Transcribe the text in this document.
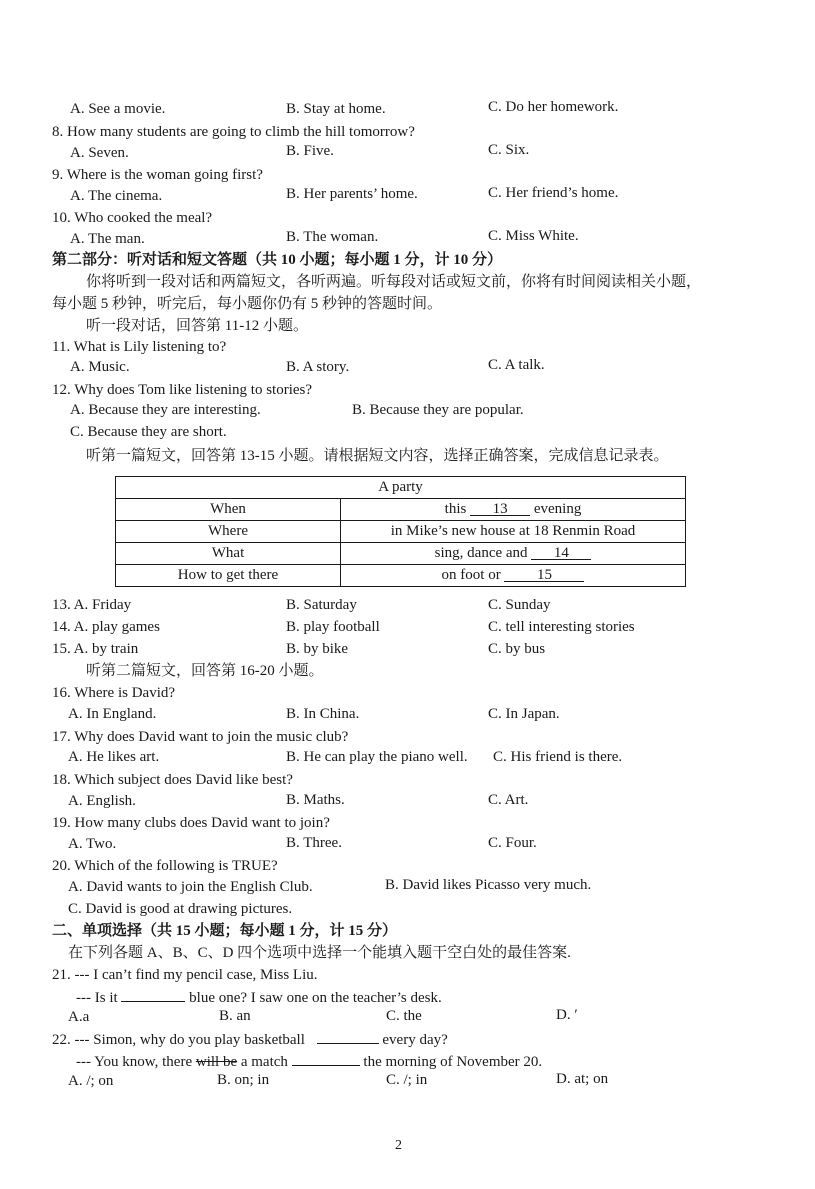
A. See a movie.	B. Stay at home.	C. Do her homework.
8. How many students are going to climb the hill tomorrow?
A. Seven.	B. Five.	C. Six.
9. Where is the woman going first?
A. The cinema.	B. Her parents’ home.	C. Her friend’s home.
10. Who cooked the meal?
A. The man.	B. The woman.	C. Miss White.
第二部分：听对话和短文答题（共 10 小题；每小题 1 分，计 10 分）
你将听到一段对话和两篇短文，各听两遍。听每段对话或短文前，你将有时间阅读相关小题，
每小题 5 秒钟，听完后，每小题你仍有 5 秒钟的答题时间。
听一段对话，回答第 11-12 小题。
11. What is Lily listening to?
A. Music.	B. A story.	C. A talk.
12. Why does Tom like listening to stories?
A. Because they are interesting.	B. Because they are popular.
C. Because they are short.
听第一篇短文，回答第 13-15 小题。请根据短文内容，选择正确答案，完成信息记录表。
A party	
When	this 13 evening
Where	in Mike’s new house at 18 Renmin Road
What	sing, dance and 14
How to get there	on foot or 15
13. A. Friday	B. Saturday	C. Sunday
14. A. play games	B. play football	C. tell interesting stories
15. A. by train	B. by bike	C. by bus
听第二篇短文，回答第 16-20 小题。
16. Where is David?
A. In England.	B. In China.	C. In Japan.
17. Why does David want to join the music club?
A. He likes art.	B. He can play the piano well. C. His friend is there.
18. Which subject does David like best?
A. English.	B. Maths.	C. Art.
19. How many clubs does David want to join?
A. Two.	B. Three.	C. Four.
20. Which of the following is TRUE?
A. David wants to join the English Club.	B. David likes Picasso very much.
C. David is good at drawing pictures.
二、单项选择（共 15 小题；每小题 1 分，计 15 分）
在下列各题 A、B、C、D 四个选项中选择一个能填入题干空白处的最佳答案.
21. --- I can’t find my pencil case, Miss Liu.
--- Is it	blue one? I saw one on the teacher’s desk.
A.a	B. an	C. the	D. ′
22. --- Simon, why do you play basketball	every day?
--- You know, there will be a match	the morning of November 20.
A. /; on	B. on; in	C. /; in	D. at; on
2
